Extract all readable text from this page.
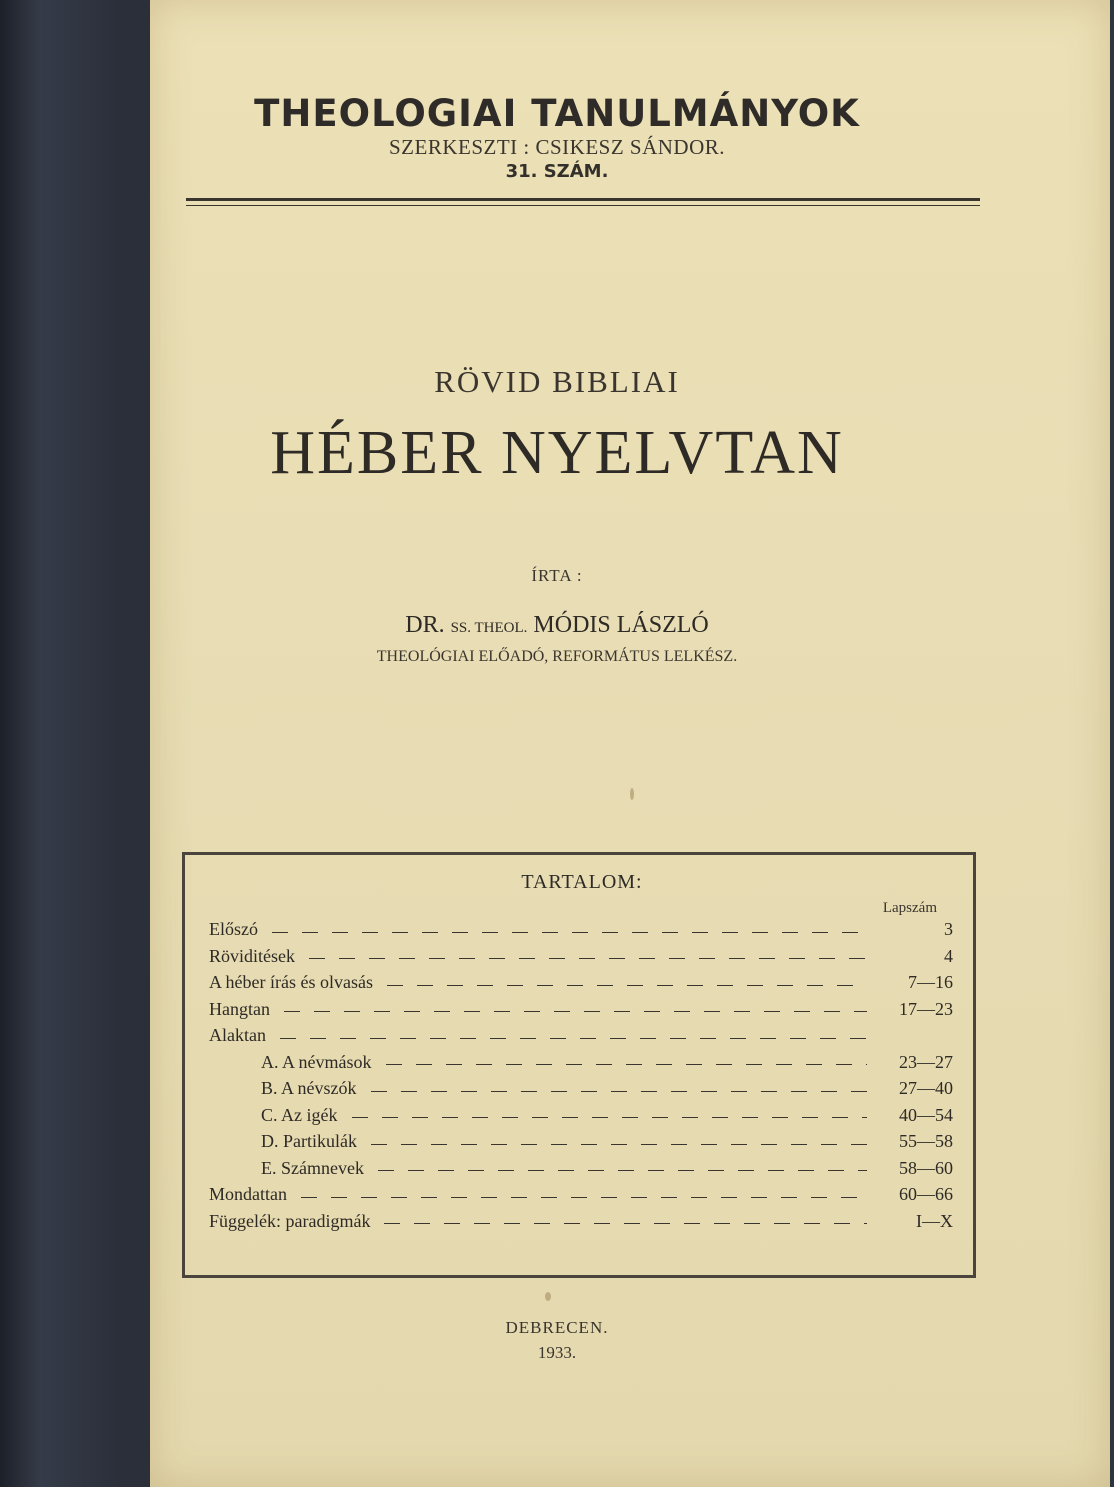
THEOLOGIAI TANULMÁNYOK
SZERKESZTI : CSIKESZ SÁNDOR.
31. SZÁM.
RÖVID BIBLIAI
HÉBER NYELVTAN
ÍRTA :
DR. SS. THEOL. MÓDIS LÁSZLÓ
THEOLÓGIAI ELŐADÓ, REFORMÁTUS LELKÉSZ.
TARTALOM:
Lapszám
Előszó	3
Röviditések	4
A héber írás és olvasás	7—16
Hangtan	17—23
Alaktan
A. A névmások	23—27
B. A névszók	27—40
C. Az igék	40—54
D. Partikulák	55—58
E. Számnevek	58—60
Mondattan	60—66
Függelék: paradigmák	I—X
DEBRECEN.
1933.
